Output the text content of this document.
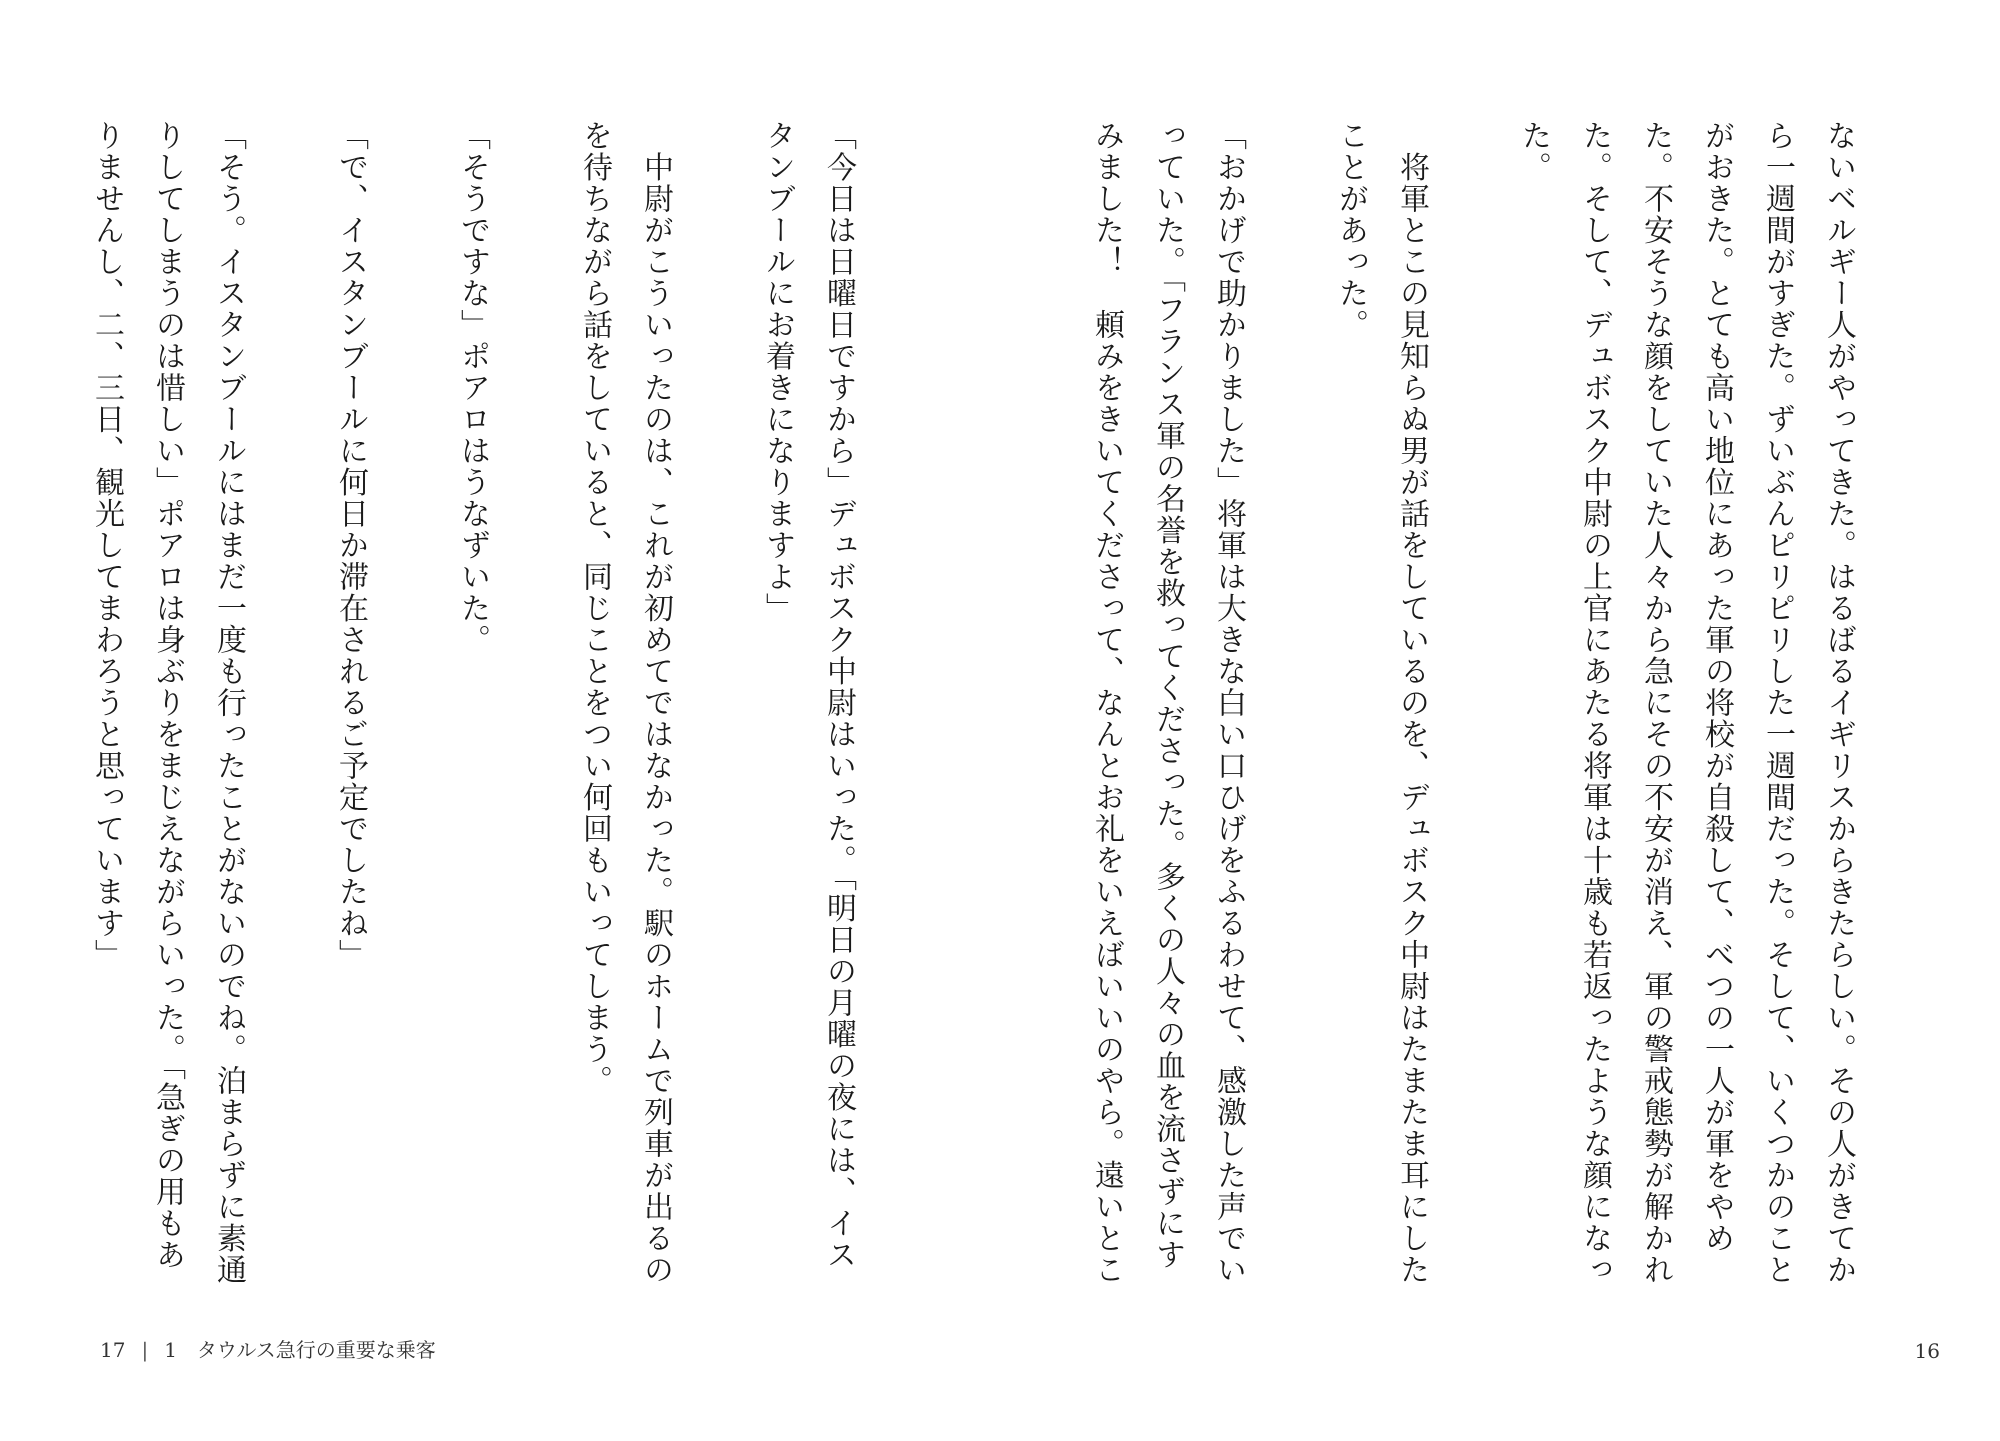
ないベルギー人がやってきた。はるばるイギリスからきたらしい。その人がきてから一週間がすぎた。ずいぶんピリピリした一週間だった。そして、いくつかのことがおきた。とても高い地位にあった軍の将校が自殺して、べつの一人が軍をやめた。不安そうな顔をしていた人々から急にその不安が消え、軍の警戒態勢が解かれた。そして、デュボスク中尉の上官にあたる将軍は十歳も若返ったような顔になった。

　将軍とこの見知らぬ男が話をしているのを、デュボスク中尉はたまたま耳にしたことがあった。

「おかげで助かりました」将軍は大きな白い口ひげをふるわせて、感激した声でいっていた。「フランス軍の名誉を救ってくださった。多くの人々の血を流さずにすみました！　頼みをきいてくださって、なんとお礼をいえばいいのやら。遠いとこ

16

「今日は日曜日ですから」デュボスク中尉はいった。「明日の月曜の夜には、イスタンブールにお着きになりますよ」

　中尉がこういったのは、これが初めてではなかった。駅のホームで列車が出るのを待ちながら話をしていると、同じことをつい何回もいってしまう。

「そうですな」ポアロはうなずいた。

「で、イスタンブールに何日か滞在されるご予定でしたね」

「そう。イスタンブールにはまだ一度も行ったことがないのでね。泊まらずに素通りしてしまうのは惜しい」ポアロは身ぶりをまじえながらいった。「急ぎの用もありませんし、二、三日、観光してまわろうと思っています」

17 | 1　タウルス急行の重要な乗客
